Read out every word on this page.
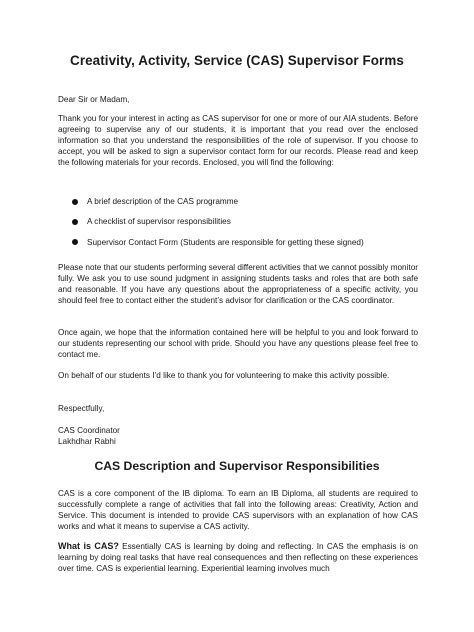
Creativity, Activity, Service (CAS) Supervisor Forms

Dear Sir or Madam,

Thank you for your interest in acting as CAS supervisor for one or more of our AIA students. Before agreeing to supervise any of our students, it is important that you read over the enclosed information so that you understand the responsibilities of the role of supervisor. If you choose to accept, you will be asked to sign a supervisor contact form for our records. Please read and keep the following materials for your records. Enclosed, you will find the following:

A brief description of the CAS programme
A checklist of supervisor responsibilities
Supervisor Contact Form (Students are responsible for getting these signed)

Please note that our students performing several different activities that we cannot possibly monitor fully. We ask you to use sound judgment in assigning students tasks and roles that are both safe and reasonable. If you have any questions about the appropriateness of a specific activity, you should feel free to contact either the student’s advisor for clarification or the CAS coordinator.

Once again, we hope that the information contained here will be helpful to you and look forward to our students representing our school with pride. Should you have any questions please feel free to contact me.

On behalf of our students I’d like to thank you for volunteering to make this activity possible.

Respectfully,

CAS Coordinator

Lakhdhar Rabhi

CAS Description and Supervisor Responsibilities

CAS is a core component of the IB diploma. To earn an IB Diploma, all students are required to successfully complete a range of activities that fall into the following areas: Creativity, Action and Service. This document is intended to provide CAS supervisors with an explanation of how CAS works and what it means to supervise a CAS activity.

What is CAS? Essentially CAS is learning by doing and reflecting. In CAS the emphasis is on learning by doing real tasks that have real consequences and then reflecting on these experiences over time. CAS is experiential learning. Experiential learning involves much
